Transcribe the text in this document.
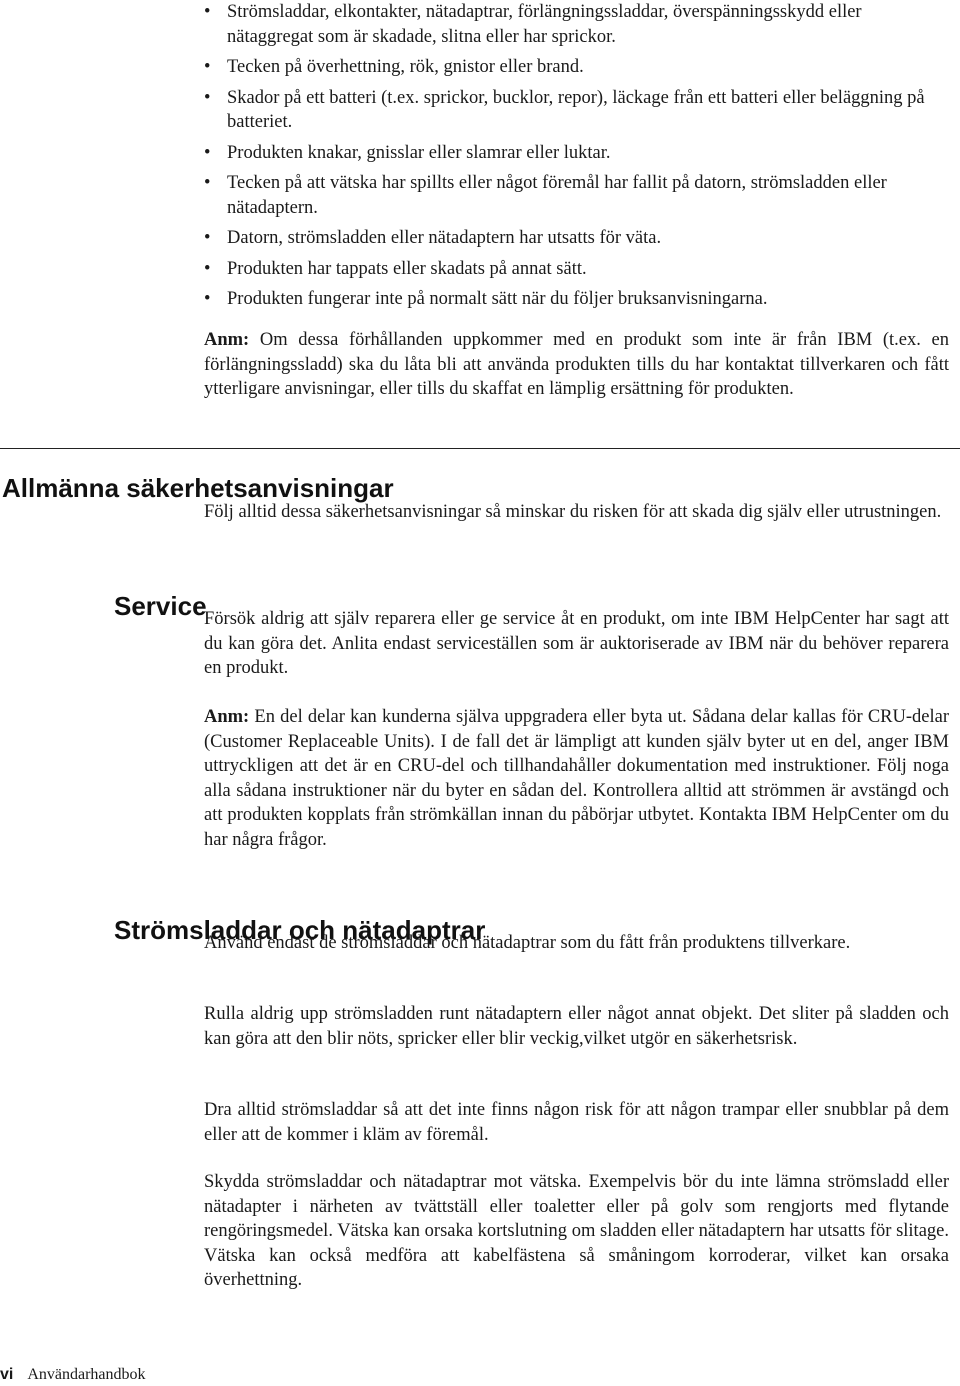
• Strömsladdar, elkontakter, nätadaptrar, förlängningssladdar, överspänningsskydd eller nätaggregat som är skadade, slitna eller har sprickor.
• Tecken på överhettning, rök, gnistor eller brand.
• Skador på ett batteri (t.ex. sprickor, bucklor, repor), läckage från ett batteri eller beläggning på batteriet.
• Produkten knakar, gnisslar eller slamrar eller luktar.
• Tecken på att vätska har spillts eller något föremål har fallit på datorn, strömsladden eller nätadaptern.
• Datorn, strömsladden eller nätadaptern har utsatts för väta.
• Produkten har tappats eller skadats på annat sätt.
• Produkten fungerar inte på normalt sätt när du följer bruksanvisningarna.

Anm: Om dessa förhållanden uppkommer med en produkt som inte är från IBM (t.ex. en förlängningssladd) ska du låta bli att använda produkten tills du har kontaktat tillverkaren och fått ytterligare anvisningar, eller tills du skaffat en lämplig ersättning för produkten.

Allmänna säkerhetsanvisningar

Följ alltid dessa säkerhetsanvisningar så minskar du risken för att skada dig själv eller utrustningen.

Service

Försök aldrig att själv reparera eller ge service åt en produkt, om inte IBM HelpCenter har sagt att du kan göra det. Anlita endast serviceställen som är auktoriserade av IBM när du behöver reparera en produkt.

Anm: En del delar kan kunderna själva uppgradera eller byta ut. Sådana delar kallas för CRU-delar (Customer Replaceable Units). I de fall det är lämpligt att kunden själv byter ut en del, anger IBM uttryckligen att det är en CRU-del och tillhandahåller dokumentation med instruktioner. Följ noga alla sådana instruktioner när du byter en sådan del. Kontrollera alltid att strömmen är avstängd och att produkten kopplats från strömkällan innan du påbörjar utbytet. Kontakta IBM HelpCenter om du har några frågor.

Strömsladdar och nätadaptrar

Använd endast de strömsladdar och nätadaptrar som du fått från produktens tillverkare.

Rulla aldrig upp strömsladden runt nätadaptern eller något annat objekt. Det sliter på sladden och kan göra att den blir nöts, spricker eller blir veckig,vilket utgör en säkerhetsrisk.

Dra alltid strömsladdar så att det inte finns någon risk för att någon trampar eller snubblar på dem eller att de kommer i kläm av föremål.

Skydda strömsladdar och nätadaptrar mot vätska. Exempelvis bör du inte lämna strömsladd eller nätadapter i närheten av tvättställ eller toaletter eller på golv som rengjorts med flytande rengöringsmedel. Vätska kan orsaka kortslutning om sladden eller nätadaptern har utsatts för slitage. Vätska kan också medföra att kabelfästena så småningom korroderar, vilket kan orsaka överhettning.

vi Användarhandbok
